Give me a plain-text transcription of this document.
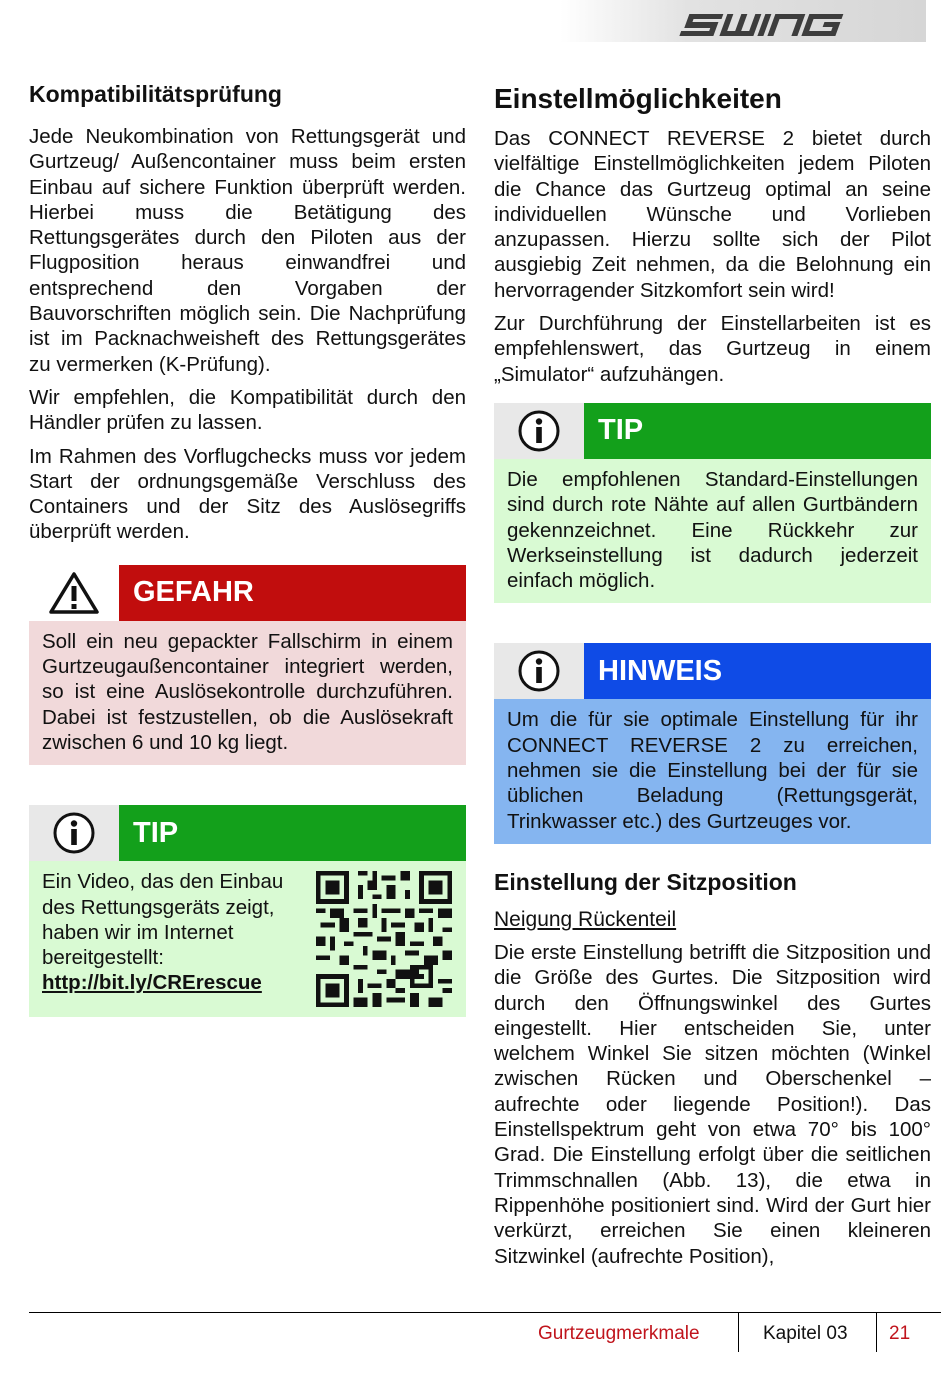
Kompatibilitätsprüfung

Jede Neukombination von Rettungsgerät und Gurtzeug/ Außencontainer muss beim ersten Einbau auf sichere Funktion überprüft werden. Hierbei muss die Betätigung des Rettungsgerätes durch den Piloten aus der Flugposition heraus einwandfrei und entsprechend den Vorgaben der Bauvorschriften möglich sein. Die Nachprüfung ist im Packnachweisheft des Rettungsgerätes zu vermerken (K-Prüfung).

Wir empfehlen, die Kompatibilität durch den Händler prüfen zu lassen.

Im Rahmen des Vorflugchecks muss vor jedem Start der ordnungsgemäße Verschluss des Containers und der Sitz des Auslösegriffs überprüft werden.

GEFAHR
Soll ein neu gepackter Fallschirm in einem Gurtzeugaußencontainer integriert werden, so ist eine Auslösekontrolle durchzuführen. Dabei ist festzustellen, ob die Auslösekraft zwischen 6 und 10 kg liegt.
TIP
Ein Video, das den Einbau des Rettungsgeräts zeigt, haben wir im Internet bereitgestellt:
http://bit.ly/CRErescue
Einstellmöglichkeiten

Das CONNECT REVERSE 2 bietet durch vielfältige Einstellmöglichkeiten jedem Piloten die Chance das Gurtzeug optimal an seine individuellen Wünsche und Vorlieben anzupassen. Hierzu sollte sich der Pilot ausgiebig Zeit nehmen, da die Belohnung ein hervorragender Sitzkomfort sein wird!

Zur Durchführung der Einstellarbeiten ist es empfehlenswert, das Gurtzeug in einem „Simulator“ aufzuhängen.

TIP
Die empfohlenen Standard-Einstellungen sind durch rote Nähte auf allen Gurtbändern gekennzeichnet. Eine Rückkehr zur Werkseinstellung ist dadurch jederzeit einfach möglich.
HINWEIS
Um die für sie optimale Einstellung für ihr CONNECT REVERSE 2 zu erreichen, nehmen sie die Einstellung bei der für sie üblichen Beladung (Rettungsgerät, Trinkwasser etc.) des Gurtzeuges vor.
Einstellung der Sitzposition
Neigung Rückenteil

Die erste Einstellung betrifft die Sitzposition und die Größe des Gurtes. Die Sitzposition wird durch den Öffnungswinkel des Gurtes eingestellt. Hier entscheiden Sie, unter welchem Winkel Sie sitzen möchten (Winkel zwischen Rücken und Oberschenkel – aufrechte oder liegende Position!). Das Einstellspektrum geht von etwa 70° bis 100° Grad. Die Einstellung erfolgt über die seitlichen Trimmschnallen (Abb. 13), die etwa in Rippenhöhe positioniert sind. Wird der Gurt hier verkürzt, erreichen Sie einen kleineren Sitzwinkel (aufrechte Position),

Gurtzeugmerkmale	Kapitel 03 21
